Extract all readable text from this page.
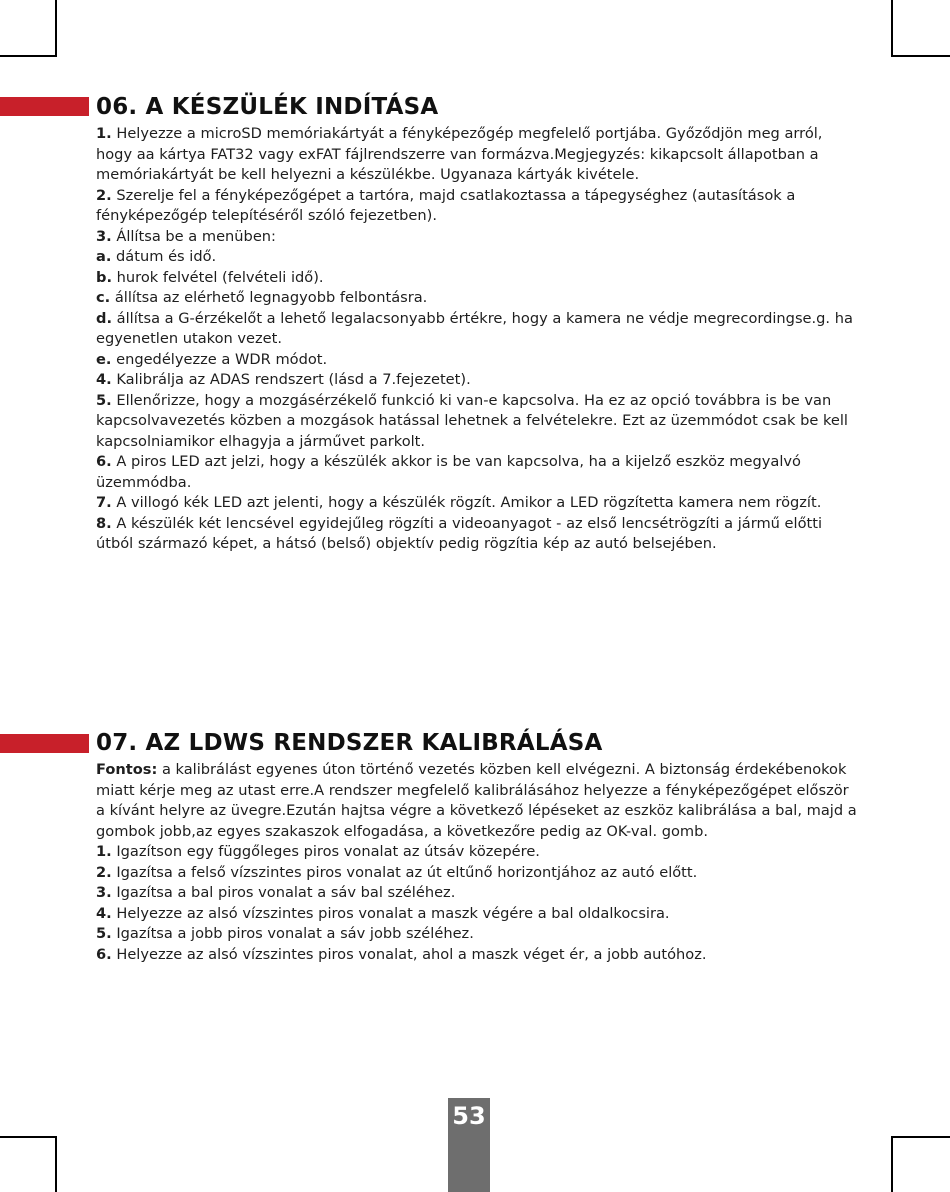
06. A KÉSZÜLÉK INDÍTÁSA

1. Helyezze a microSD memóriakártyát a fényképezőgép megfelelő portjába. Győződjön meg arról, hogy aa kártya FAT32 vagy exFAT fájlrendszerre van formázva.Megjegyzés: kikapcsolt állapotban a memóriakártyát be kell helyezni a készülékbe. Ugyanaza kártyák kivétele.

2. Szerelje fel a fényképezőgépet a tartóra, majd csatlakoztassa a tápegységhez (autasítások a fényképezőgép telepítéséről szóló fejezetben).

3. Állítsa be a menüben:

a. dátum és idő.

b. hurok felvétel (felvételi idő).

c. állítsa az elérhető legnagyobb felbontásra.

d. állítsa a G-érzékelőt a lehető legalacsonyabb értékre, hogy a kamera ne védje megrecordingse.g. ha egyenetlen utakon vezet.

e. engedélyezze a WDR módot.

4. Kalibrálja az ADAS rendszert (lásd a 7.fejezetet).

5. Ellenőrizze, hogy a mozgásérzékelő funkció ki van-e kapcsolva. Ha ez az opció továbbra is be van kapcsolvavezetés közben a mozgások hatással lehetnek a felvételekre. Ezt az üzemmódot csak be kell kapcsolniamikor elhagyja a járművet parkolt.

6. A piros LED azt jelzi, hogy a készülék akkor is be van kapcsolva, ha a kijelző eszköz megyalvó üzemmódba.

7. A villogó kék LED azt jelenti, hogy a készülék rögzít. Amikor a LED rögzítetta kamera nem rögzít.

8. A készülék két lencsével egyidejűleg rögzíti a videoanyagot - az első lencsétrögzíti a jármű előtti útból származó képet, a hátsó (belső) objektív pedig rögzítia kép az autó belsejében.

07. AZ LDWS RENDSZER KALIBRÁLÁSA

Fontos: a kalibrálást egyenes úton történő vezetés közben kell elvégezni. A biztonság érdekébenokok miatt kérje meg az utast erre.A rendszer megfelelő kalibrálásához helyezze a fényképezőgépet először a kívánt helyre az üvegre.Ezután hajtsa végre a következő lépéseket az eszköz kalibrálása a bal, majd a gombok jobb,az egyes szakaszok elfogadása, a következőre pedig az OK-val. gomb.

1. Igazítson egy függőleges piros vonalat az útsáv közepére.

2. Igazítsa a felső vízszintes piros vonalat az út eltűnő horizontjához az autó előtt.

3. Igazítsa a bal piros vonalat a sáv bal széléhez.

4. Helyezze az alsó vízszintes piros vonalat a maszk végére a bal oldalkocsira.

5. Igazítsa a jobb piros vonalat a sáv jobb széléhez.

6. Helyezze az alsó vízszintes piros vonalat, ahol a maszk véget ér, a jobb autóhoz.

53
